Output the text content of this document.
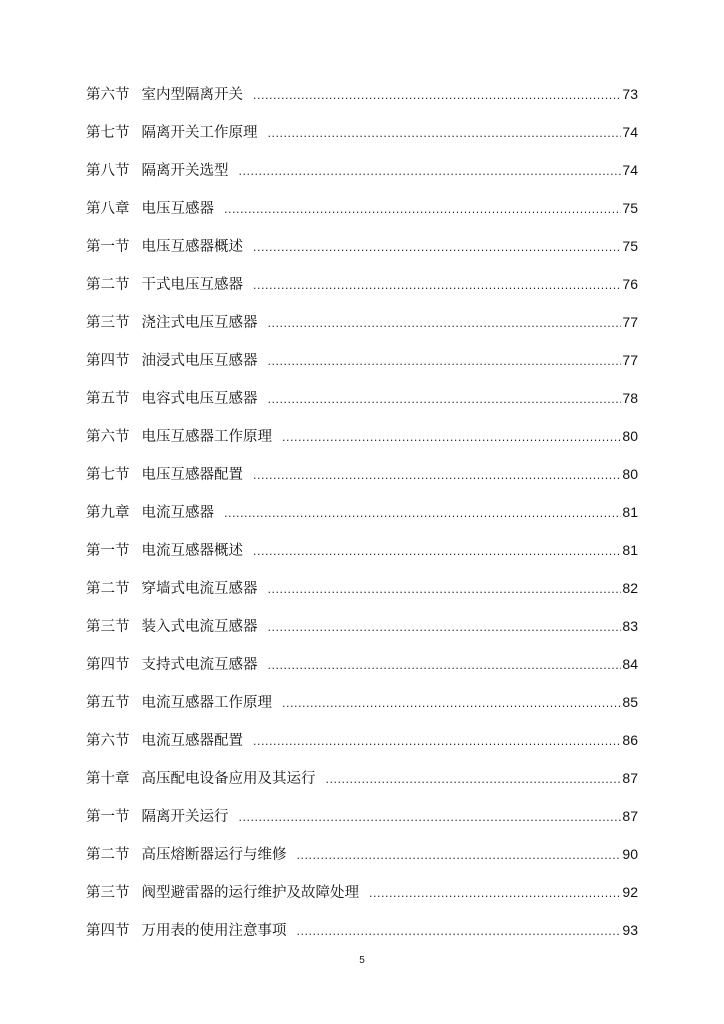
第六节 室内型隔离开关 .....	73
第七节 隔离开关工作原理 .....	74
第八节 隔离开关选型 .....	74
第八章 电压互感器 .....	75
第一节 电压互感器概述 .....	75
第二节 干式电压互感器 .....	76
第三节 浇注式电压互感器 .....	77
第四节 油浸式电压互感器 .....	77
第五节 电容式电压互感器 .....	78
第六节 电压互感器工作原理 .....	80
第七节 电压互感器配置 .....	80
第九章 电流互感器 .....	81
第一节 电流互感器概述 .....	81
第二节 穿墙式电流互感器 .....	82
第三节 装入式电流互感器 .....	83
第四节 支持式电流互感器 .....	84
第五节 电流互感器工作原理 .....	85
第六节 电流互感器配置 .....	86
第十章 高压配电设备应用及其运行 .....	87
第一节 隔离开关运行 .....	87
第二节 高压熔断器运行与维修 .....	90
第三节 阀型避雷器的运行维护及故障处理 .....	92
第四节 万用表的使用注意事项 .....	93
5
